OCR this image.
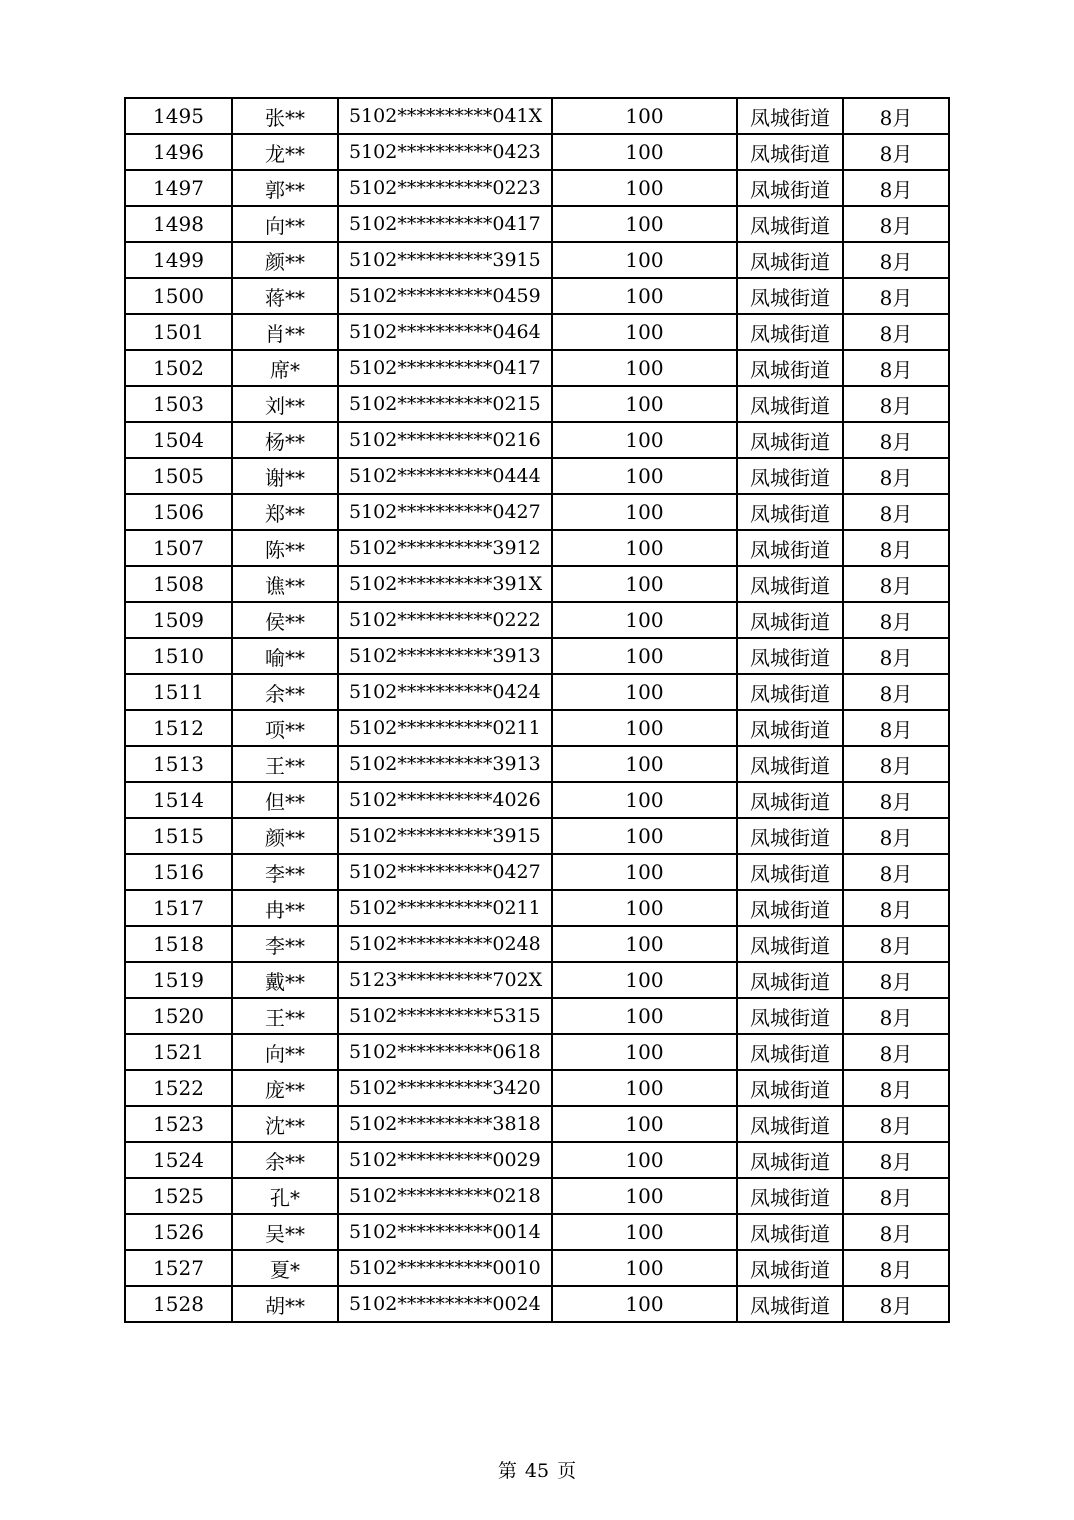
1495	张**	5102**********041X	100	凤城街道	8月
1496	龙**	5102**********0423	100	凤城街道	8月
1497	郭**	5102**********0223	100	凤城街道	8月
1498	向**	5102**********0417	100	凤城街道	8月
1499	颜**	5102**********3915	100	凤城街道	8月
1500	蒋**	5102**********0459	100	凤城街道	8月
1501	肖**	5102**********0464	100	凤城街道	8月
1502	席*	5102**********0417	100	凤城街道	8月
1503	刘**	5102**********0215	100	凤城街道	8月
1504	杨**	5102**********0216	100	凤城街道	8月
1505	谢**	5102**********0444	100	凤城街道	8月
1506	郑**	5102**********0427	100	凤城街道	8月
1507	陈**	5102**********3912	100	凤城街道	8月
1508	谯**	5102**********391X	100	凤城街道	8月
1509	侯**	5102**********0222	100	凤城街道	8月
1510	喻**	5102**********3913	100	凤城街道	8月
1511	余**	5102**********0424	100	凤城街道	8月
1512	项**	5102**********0211	100	凤城街道	8月
1513	王**	5102**********3913	100	凤城街道	8月
1514	但**	5102**********4026	100	凤城街道	8月
1515	颜**	5102**********3915	100	凤城街道	8月
1516	李**	5102**********0427	100	凤城街道	8月
1517	冉**	5102**********0211	100	凤城街道	8月
1518	李**	5102**********0248	100	凤城街道	8月
1519	戴**	5123**********702X	100	凤城街道	8月
1520	王**	5102**********5315	100	凤城街道	8月
1521	向**	5102**********0618	100	凤城街道	8月
1522	庞**	5102**********3420	100	凤城街道	8月
1523	沈**	5102**********3818	100	凤城街道	8月
1524	余**	5102**********0029	100	凤城街道	8月
1525	孔*	5102**********0218	100	凤城街道	8月
1526	吴**	5102**********0014	100	凤城街道	8月
1527	夏*	5102**********0010	100	凤城街道	8月
1528	胡**	5102**********0024	100	凤城街道	8月
第 45 页
